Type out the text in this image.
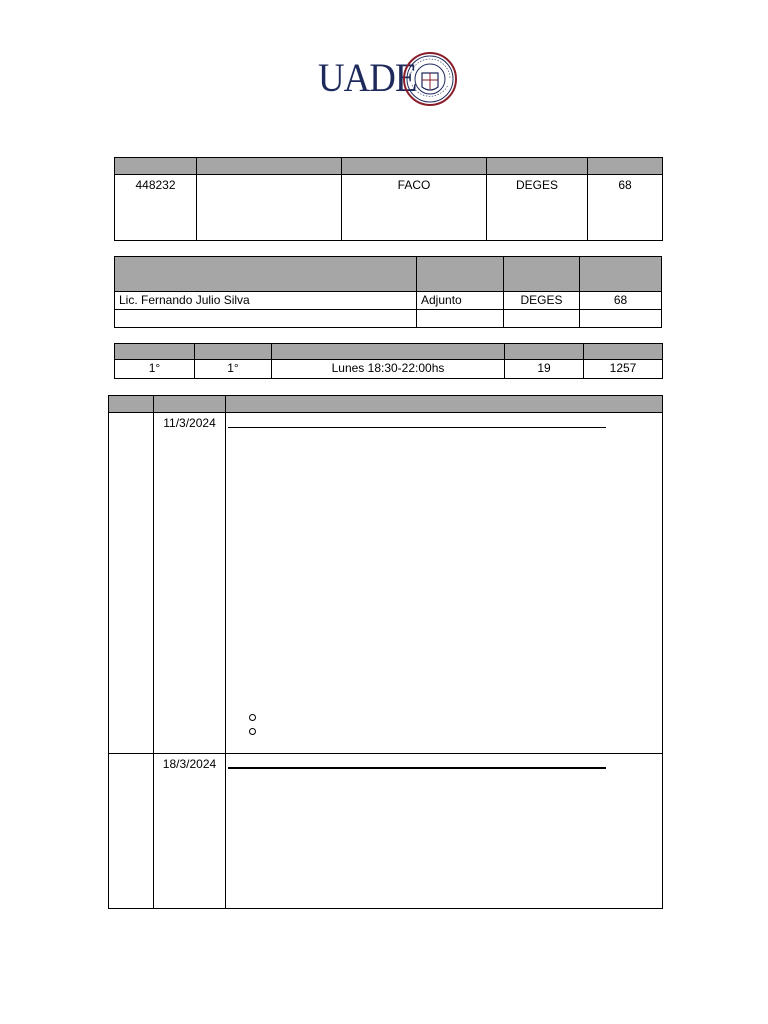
UADE

448232		FACO	DEGES	68

Lic. Fernando Julio Silva	Adjunto	DEGES	68

1°	1°	Lunes 18:30-22:00hs	19	1257

	11/3/2024	

	18/3/2024	
